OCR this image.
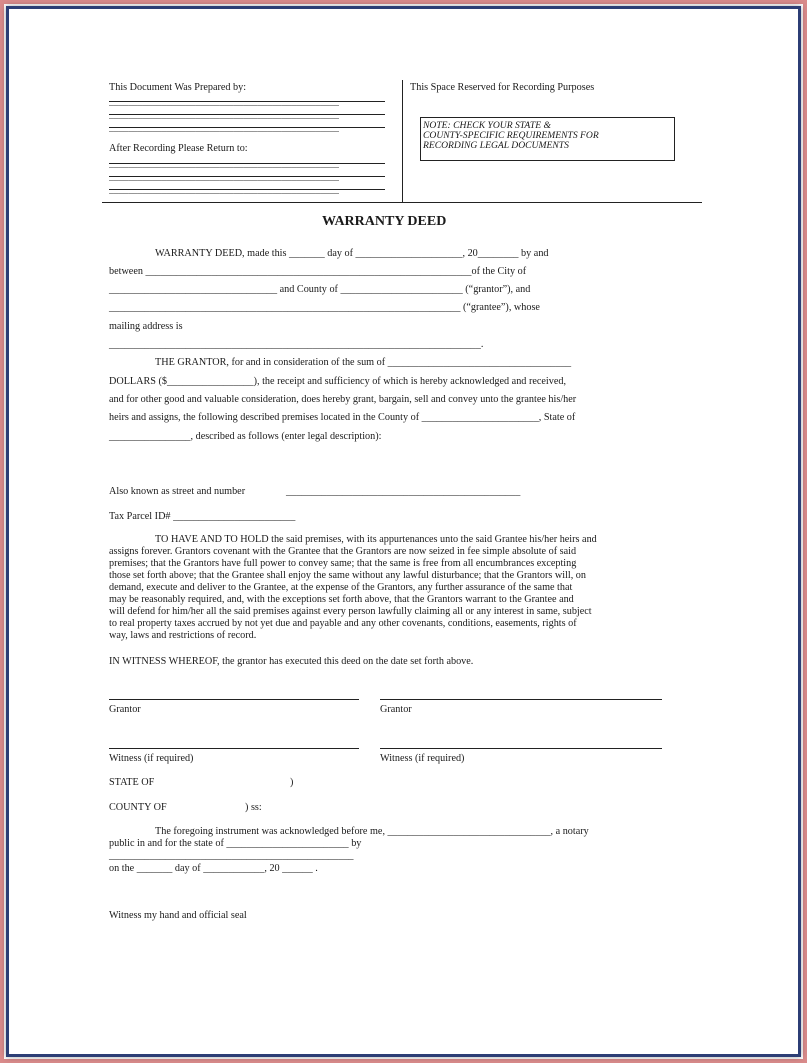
This Document Was Prepared by:
After Recording Please Return to:
This Space Reserved for Recording Purposes
NOTE: CHECK YOUR STATE &
COUNTY-SPECIFIC REQUIREMENTS FOR
RECORDING LEGAL DOCUMENTS
WARRANTY DEED
WARRANTY DEED, made this _______ day of _____________________, 20________ by and
between ________________________________________________________________of the City of
_________________________________ and County of ________________________ (“grantor”), and
_____________________________________________________________________ (“grantee”), whose
mailing address is
_________________________________________________________________________.
THE GRANTOR, for and in consideration of the sum of ____________________________________
DOLLARS ($_________________), the receipt and sufficiency of which is hereby acknowledged and received,
and for other good and valuable consideration, does hereby grant, bargain, sell and convey unto the grantee his/her
heirs and assigns, the following described premises located in the County of _______________________, State of
________________, described as follows (enter legal description):
Also known as street and number	______________________________________________
Tax Parcel ID# ________________________
TO HAVE AND TO HOLD the said premises, with its appurtenances unto the said Grantee his/her heirs and
assigns forever. Grantors covenant with the Grantee that the Grantors are now seized in fee simple absolute of said
premises; that the Grantors have full power to convey same; that the same is free from all encumbrances excepting
those set forth above; that the Grantee shall enjoy the same without any lawful disturbance; that the Grantors will, on
demand, execute and deliver to the Grantee, at the expense of the Grantors, any further assurance of the same that
may be reasonably required, and, with the exceptions set forth above, that the Grantors warrant to the Grantee and
will defend for him/her all the said premises against every person lawfully claiming all or any interest in same, subject
to real property taxes accrued by not yet due and payable and any other covenants, conditions, easements, rights of
way, laws and restrictions of record.
IN WITNESS WHEREOF, the grantor has executed this deed on the date set forth above.
Grantor	Grantor
Witness (if required)	Witness (if required)
STATE OF	)
COUNTY OF	) ss:
The foregoing instrument was acknowledged before me, ________________________________, a notary
public in and for the state of ________________________ by
________________________________________________
on the _______ day of ____________, 20 ______ .
Witness my hand and official seal
________________________________________________
________________________________________________
________________________________________________
________________________________________________
________________________________________________
________________________________________________
